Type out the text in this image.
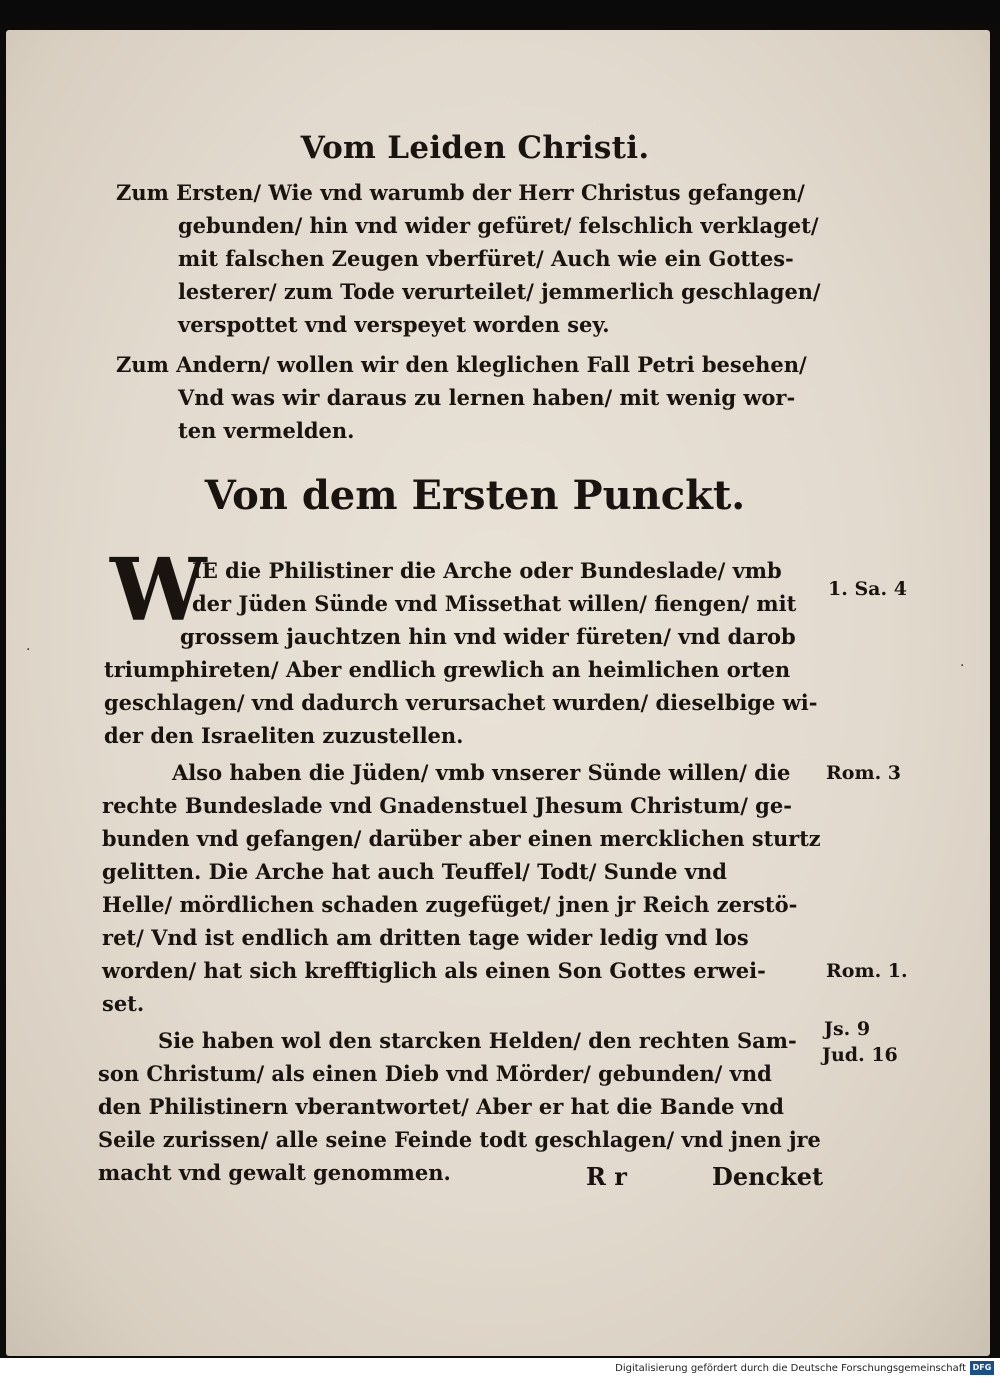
Vom Leiden Christi.
Zum Ersten/ Wie vnd warumb der Herr Christus gefangen/
gebunden/ hin vnd wider gefüret/ felschlich verklaget/
mit falschen Zeugen vberfüret/ Auch wie ein Gottes-
lesterer/ zum Tode verurteilet/ jemmerlich geschlagen/
verspottet vnd verspeyet worden sey.
Zum Andern/ wollen wir den kleglichen Fall Petri besehen/
Vnd was wir daraus zu lernen haben/ mit wenig wor-
ten vermelden.
Von dem Ersten Punckt.
W
IE die Philistiner die Arche oder Bundeslade/ vmb
der Jüden Sünde vnd Missethat willen/ fiengen/ mit
grossem jauchtzen hin vnd wider füreten/ vnd darob
triumphireten/ Aber endlich grewlich an heimlichen orten
geschlagen/ vnd dadurch verursachet wurden/ dieselbige wi-
der den Israeliten zuzustellen.
Also haben die Jüden/ vmb vnserer Sünde willen/ die
rechte Bundeslade vnd Gnadenstuel Jhesum Christum/ ge-
bunden vnd gefangen/ darüber aber einen mercklichen sturtz
gelitten. Die Arche hat auch Teuffel/ Todt/ Sunde vnd
Helle/ mördlichen schaden zugefüget/ jnen jr Reich zerstö-
ret/ Vnd ist endlich am dritten tage wider ledig vnd los
worden/ hat sich krefftiglich als einen Son Gottes erwei-
set.
Sie haben wol den starcken Helden/ den rechten Sam-
son Christum/ als einen Dieb vnd Mörder/ gebunden/ vnd
den Philistinern vberantwortet/ Aber er hat die Bande vnd
Seile zurissen/ alle seine Feinde todt geschlagen/ vnd jnen jre
macht vnd gewalt genommen.
1. Sa. 4
Rom. 3
Rom. 1.
Js. 9
Jud. 16
R r	Dencket
·
·
Digitalisierung gefördert durch die Deutsche Forschungsgemeinschaft DFG
